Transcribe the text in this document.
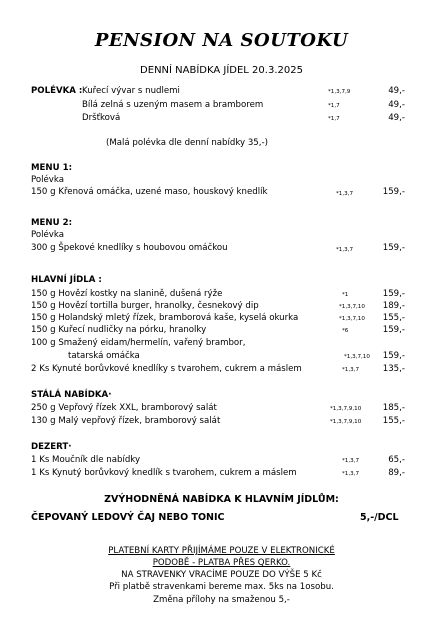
PENSION NA SOUTOKU
DENNÍ NABÍDKA JÍDEL 20.3.2025
POLÉVKA : Kuřecí vývar s nudlemi	*1,3,7,9	49,-
Bílá zelná s uzeným masem a bramborem	*1,7	49,-
Dršťková	*1,7	49,-
(Malá polévka dle denní nabídky 35,-)
MENU 1:
Polévka
150 g Křenová omáčka, uzené maso, houskový knedlík	*1,3,7	159,-
MENU 2:
Polévka
300 g Špekové knedlíky s houbovou omáčkou	*1,3,7	159,-
HLAVNÍ JÍDLA :
150 g Hovězí kostky na slanině, dušená rýže	*1	159,-
150 g Hovězí tortilla burger, hranolky, česnekový dip	*1,3,7,10	189,-
150 g Holandský mletý řízek, bramborová kaše, kyselá okurka	*1,3,7,10	155,-
150 g Kuřecí nudličky na pórku, hranolky	*6	159,-
100 g Smažený eidam/hermelín, vařený brambor,
tatarská omáčka	*1,3,7,10	159,-
2 Ks Kynuté borůvkové knedlíky s tvarohem, cukrem a máslem	*1,3,7	135,-
STÁLÁ NABÍDKA·
250 g Vepřový řízek XXL, bramborový salát	*1,3,7,9,10	185,-
130 g Malý vepřový řízek, bramborový salát	*1,3,7,9,10	155,-
DEZERT·
1 Ks Moučník dle nabídky	*1,3,7	65,-
1 Ks Kynutý borůvkový knedlík s tvarohem, cukrem a máslem	*1,3,7	89,-
ZVÝHODNĚNÁ NABÍDKA K HLAVNÍM JÍDLŮM:
ČEPOVANÝ LEDOVÝ ČAJ NEBO TONIC	5,-/DCL
PLATEBNÍ KARTY PŘIJÍMÁME POUZE V ELEKTRONICKÉ
PODOBĚ - PLATBA PŘES QERKO.
NA STRAVENKY VRACÍME POUZE DO VÝŠE 5 Kč
Při platbě stravenkami bereme max. 5ks na 1osobu.
Změna přílohy na smaženou 5,-
